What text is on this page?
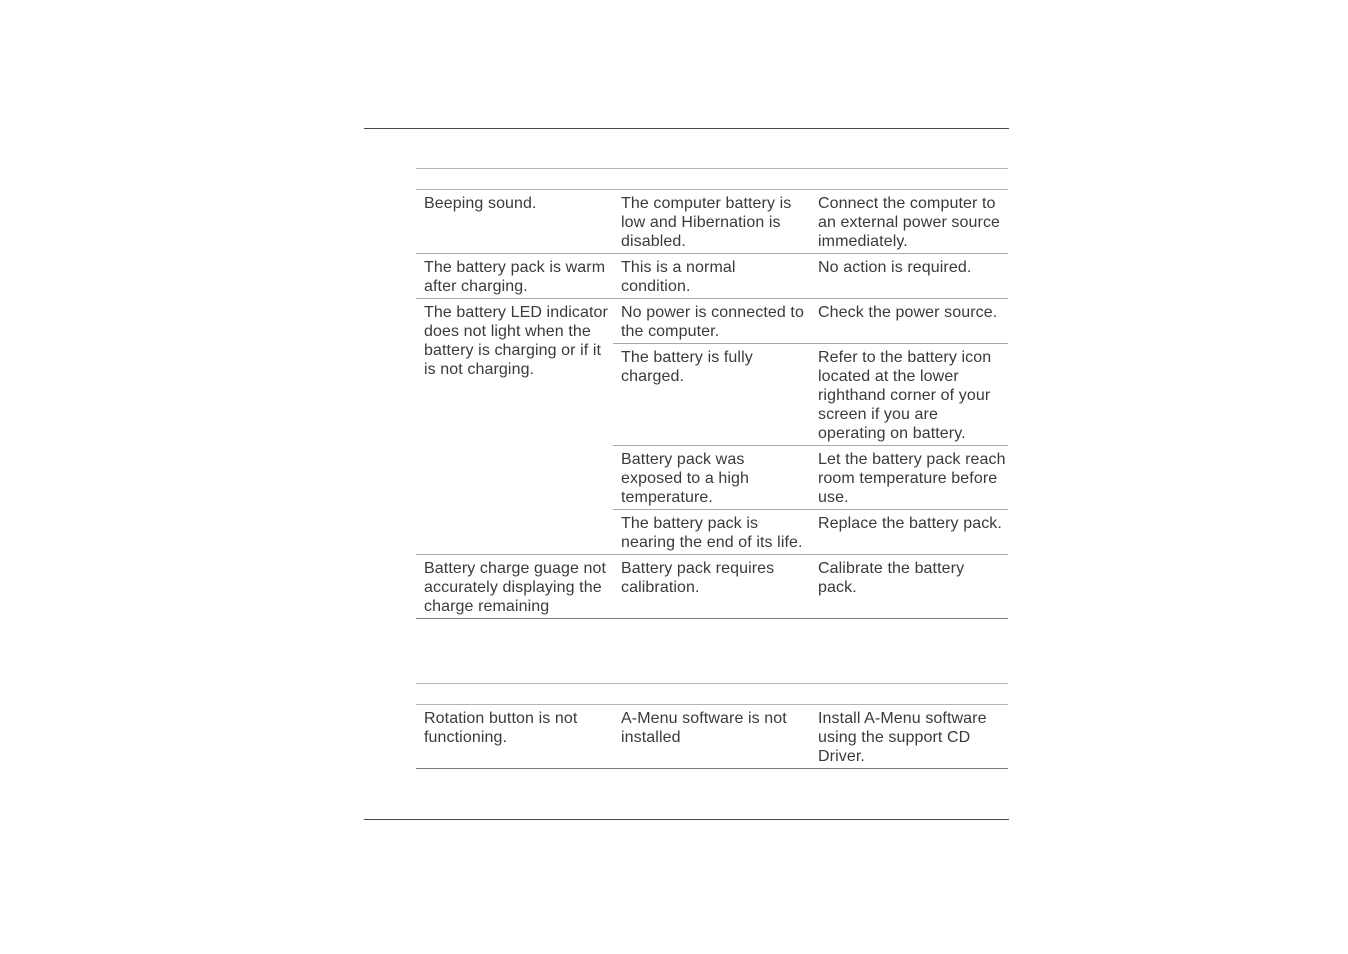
Beeping sound.	The computer battery is low and Hibernation is disabled.	Connect the computer to an external power source immediately.
The battery pack is warm after charging.	This is a normal condition.	No action is required.
The battery LED indicator does not light when the battery is charging or if it is not charging.	No power is connected to the computer.	Check the power source.
	The battery is fully charged.	Refer to the battery icon located at the lower righthand corner of your screen if you are operating on battery.
	Battery pack was exposed to a high temperature.	Let the battery pack reach room temperature before use.
	The battery pack is nearing the end of its life.	Replace the battery pack.
Battery charge guage not accurately displaying the charge remaining	Battery pack requires calibration.	Calibrate the battery pack.
Rotation button is not functioning.	A-Menu software is not installed	Install A-Menu software using the support CD Driver.
